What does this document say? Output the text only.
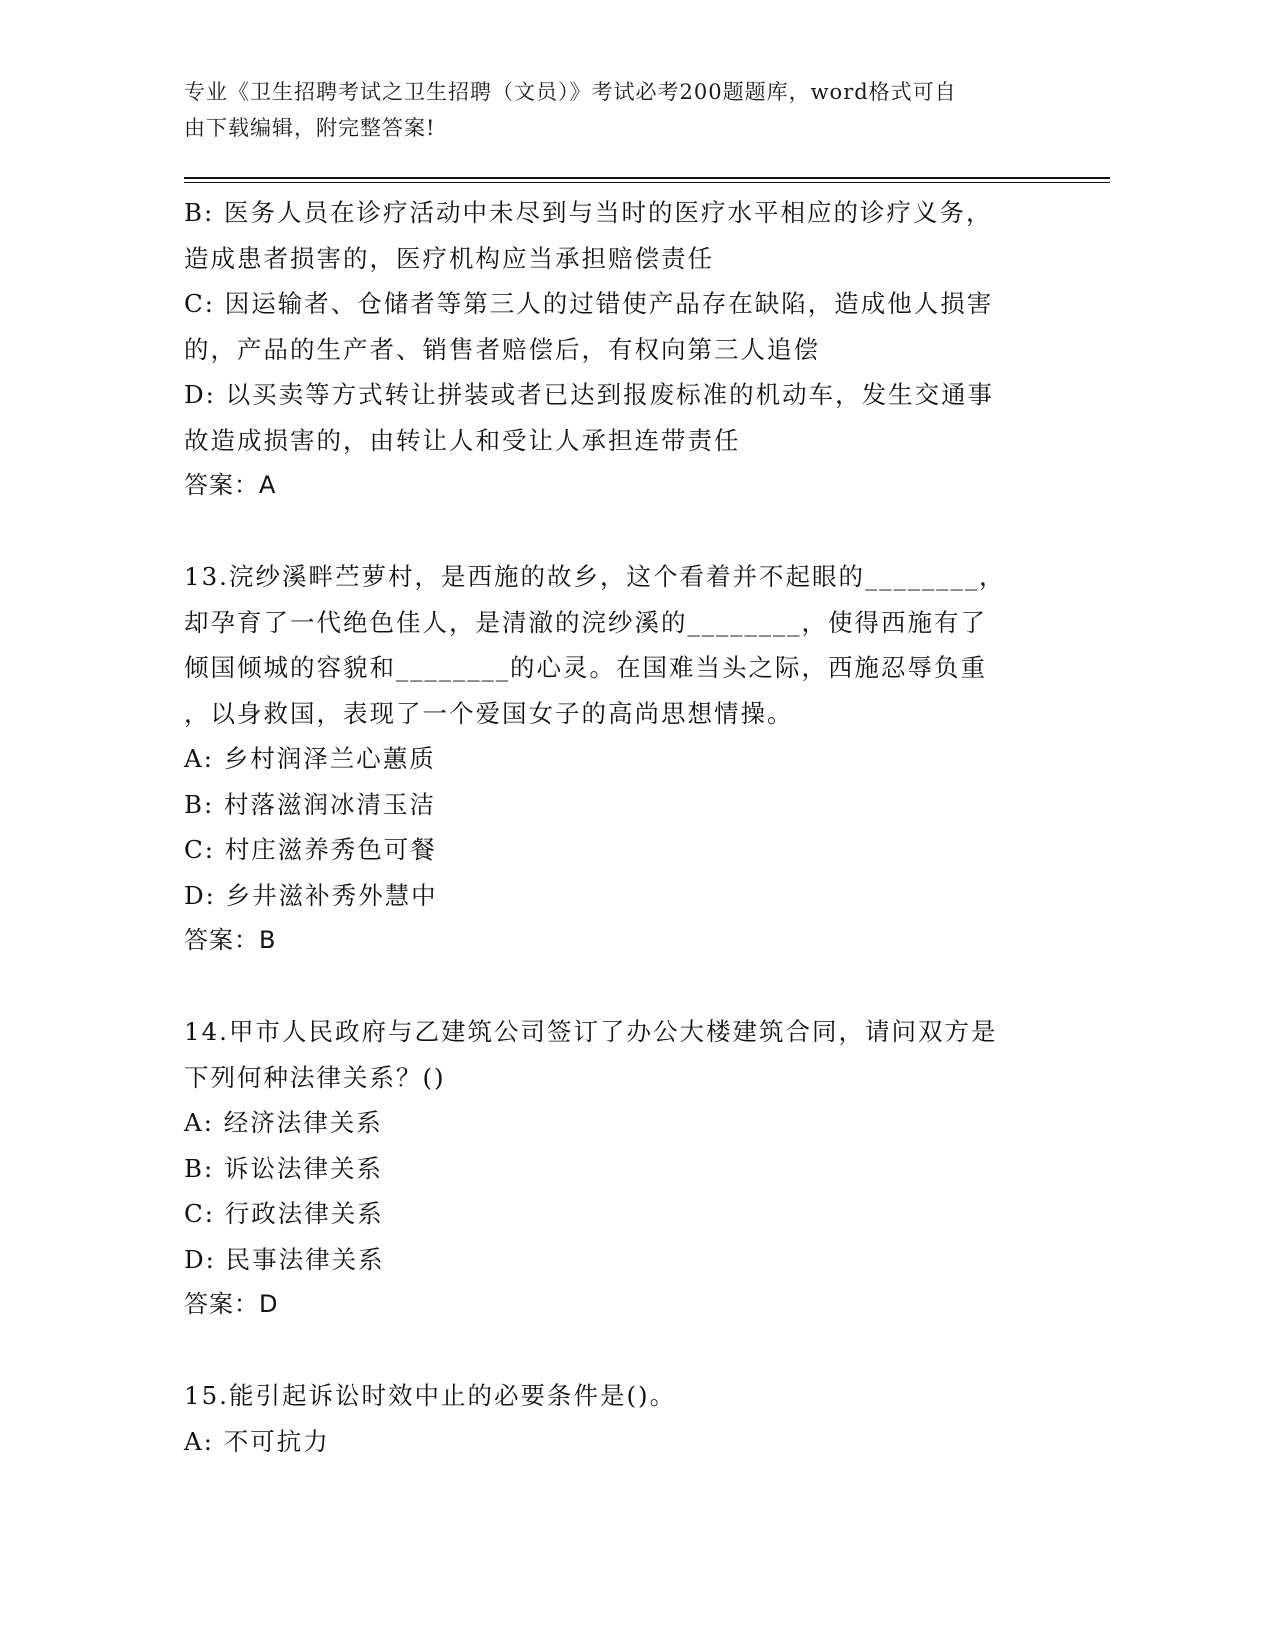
专业《卫生招聘考试之卫生招聘（文员）》考试必考200题题库，word格式可自
由下载编辑，附完整答案!
B: 医务人员在诊疗活动中未尽到与当时的医疗水平相应的诊疗义务，
造成患者损害的，医疗机构应当承担赔偿责任
C: 因运输者、仓储者等第三人的过错使产品存在缺陷，造成他人损害
的，产品的生产者、销售者赔偿后，有权向第三人追偿
D: 以买卖等方式转让拼装或者已达到报废标准的机动车，发生交通事
故造成损害的，由转让人和受让人承担连带责任
答案：A
13.浣纱溪畔苎萝村，是西施的故乡，这个看着并不起眼的________，
却孕育了一代绝色佳人，是清澈的浣纱溪的________，使得西施有了
倾国倾城的容貌和________的心灵。在国难当头之际，西施忍辱负重
，以身救国，表现了一个爱国女子的高尚思想情操。
A: 乡村润泽兰心蕙质
B: 村落滋润冰清玉洁
C: 村庄滋养秀色可餐
D: 乡井滋补秀外慧中
答案：B
14.甲市人民政府与乙建筑公司签订了办公大楼建筑合同，请问双方是
下列何种法律关系？()
A: 经济法律关系
B: 诉讼法律关系
C: 行政法律关系
D: 民事法律关系
答案：D
15.能引起诉讼时效中止的必要条件是()。
A: 不可抗力
